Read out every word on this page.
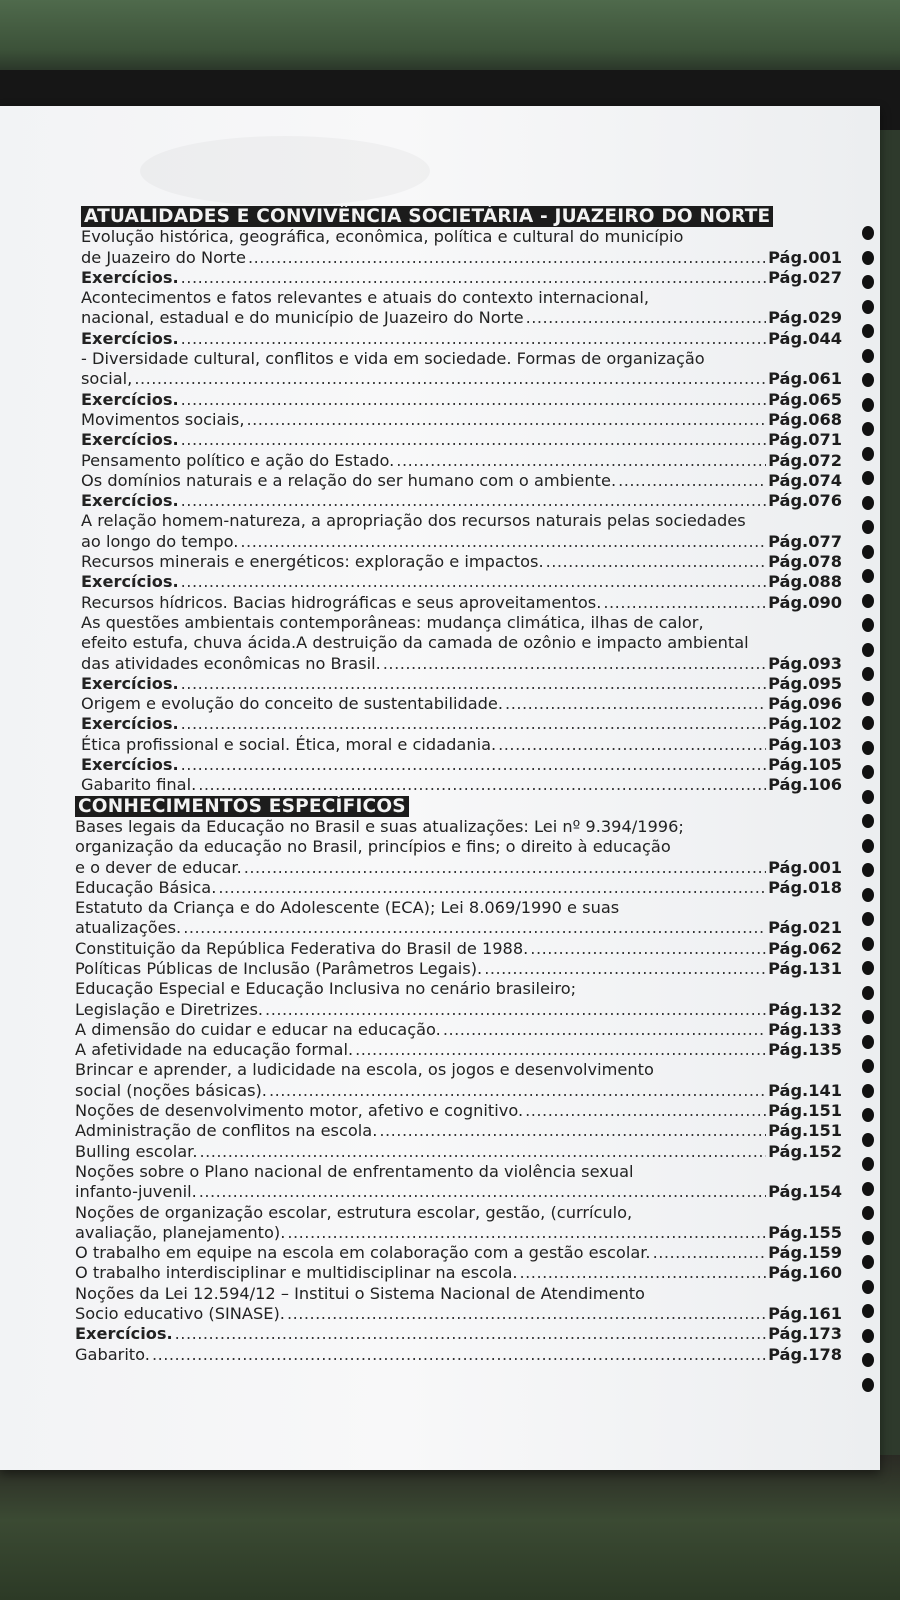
ATUALIDADES E CONVIVÊNCIA SOCIETÁRIA - JUAZEIRO DO NORTE
Evolução histórica, geográfica, econômica, política e cultural do município
de Juazeiro do Norte .....	Pág.001
Exercícios. .....	Pág.027
Acontecimentos e fatos relevantes e atuais do contexto internacional,
nacional, estadual e do município de Juazeiro do Norte .....	Pág.029
Exercícios. .....	Pág.044
- Diversidade cultural, conflitos e vida em sociedade. Formas de organização
social, .....	Pág.061
Exercícios. .....	Pág.065
Movimentos sociais, .....	Pág.068
Exercícios. .....	Pág.071
Pensamento político e ação do Estado. .....	Pág.072
Os domínios naturais e a relação do ser humano com o ambiente. .....	Pág.074
Exercícios. .....	Pág.076
A relação homem-natureza, a apropriação dos recursos naturais pelas sociedades
ao longo do tempo. .....	Pág.077
Recursos minerais e energéticos: exploração e impactos. .....	Pág.078
Exercícios. .....	Pág.088
Recursos hídricos. Bacias hidrográficas e seus aproveitamentos. .....	Pág.090
As questões ambientais contemporâneas: mudança climática, ilhas de calor,
efeito estufa, chuva ácida.A destruição da camada de ozônio e impacto ambiental
das atividades econômicas no Brasil. .....	Pág.093
Exercícios. .....	Pág.095
Origem e evolução do conceito de sustentabilidade. .....	Pág.096
Exercícios. .....	Pág.102
Ética profissional e social. Ética, moral e cidadania. .....	Pág.103
Exercícios. .....	Pág.105
Gabarito final. .....	Pág.106
CONHECIMENTOS ESPECÍFICOS
Bases legais da Educação no Brasil e suas atualizações: Lei nº 9.394/1996;
organização da educação no Brasil, princípios e fins; o direito à educação
e o dever de educar. .....	Pág.001
Educação Básica. .....	Pág.018
Estatuto da Criança e do Adolescente (ECA); Lei 8.069/1990 e suas
atualizações. .....	Pág.021
Constituição da República Federativa do Brasil de 1988. .....	Pág.062
Políticas Públicas de Inclusão (Parâmetros Legais). .....	Pág.131
Educação Especial e Educação Inclusiva no cenário brasileiro;
Legislação e Diretrizes. .....	Pág.132
A dimensão do cuidar e educar na educação. .....	Pág.133
A afetividade na educação formal. .....	Pág.135
Brincar e aprender, a ludicidade na escola, os jogos e desenvolvimento
social (noções básicas). .....	Pág.141
Noções de desenvolvimento motor, afetivo e cognitivo. .....	Pág.151
Administração de conflitos na escola. .....	Pág.151
Bulling escolar. .....	Pág.152
Noções sobre o Plano nacional de enfrentamento da violência sexual
infanto-juvenil. .....	Pág.154
Noções de organização escolar, estrutura escolar, gestão, (currículo,
avaliação, planejamento). .....	Pág.155
O trabalho em equipe na escola em colaboração com a gestão escolar. .....	Pág.159
O trabalho interdisciplinar e multidisciplinar na escola. .....	Pág.160
Noções da Lei 12.594/12 – Institui o Sistema Nacional de Atendimento
Socio educativo (SINASE). .....	Pág.161
Exercícios. .....	Pág.173
Gabarito. .....	Pág.178
